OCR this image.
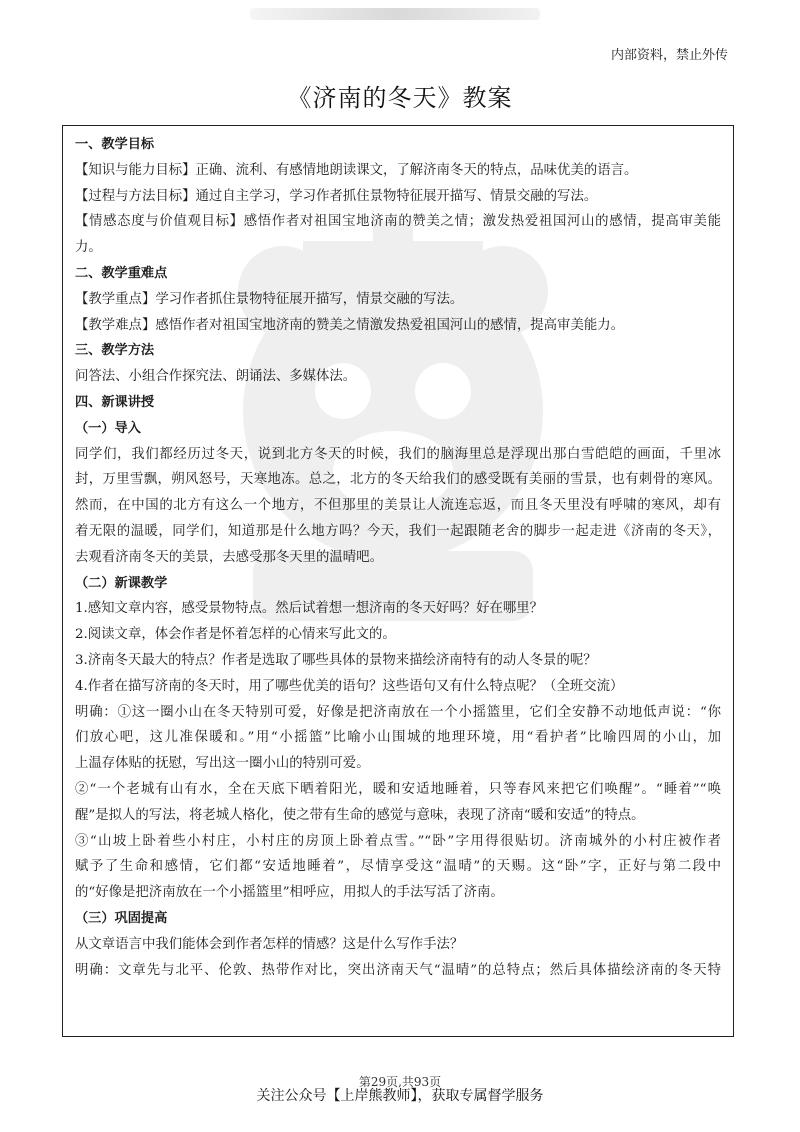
内部资料，禁止外传
《济南的冬天》教案
一、教学目标
【知识与能力目标】正确、流利、有感情地朗读课文，了解济南冬天的特点，品味优美的语言。
【过程与方法目标】通过自主学习，学习作者抓住景物特征展开描写、情景交融的写法。
【情感态度与价值观目标】感悟作者对祖国宝地济南的赞美之情；激发热爱祖国河山的感情，提高审美能
力。
二、教学重难点
【教学重点】学习作者抓住景物特征展开描写，情景交融的写法。
【教学难点】感悟作者对祖国宝地济南的赞美之情激发热爱祖国河山的感情，提高审美能力。
三、教学方法
问答法、小组合作探究法、朗诵法、多媒体法。
四、新课讲授
（一）导入
同学们，我们都经历过冬天，说到北方冬天的时候，我们的脑海里总是浮现出那白雪皑皑的画面，千里冰
封，万里雪飘，朔风怒号，天寒地冻。总之，北方的冬天给我们的感受既有美丽的雪景，也有刺骨的寒风。
然而，在中国的北方有这么一个地方，不但那里的美景让人流连忘返，而且冬天里没有呼啸的寒风，却有
着无限的温暖，同学们，知道那是什么地方吗？今天，我们一起跟随老舍的脚步一起走进《济南的冬天》，
去观看济南冬天的美景，去感受那冬天里的温晴吧。
（二）新课教学
1.感知文章内容，感受景物特点。然后试着想一想济南的冬天好吗？好在哪里？
2.阅读文章，体会作者是怀着怎样的心情来写此文的。
3.济南冬天最大的特点？作者是选取了哪些具体的景物来描绘济南特有的动人冬景的呢？
4.作者在描写济南的冬天时，用了哪些优美的语句？这些语句又有什么特点呢？（全班交流）
明确：①这一圈小山在冬天特别可爱，好像是把济南放在一个小摇篮里，它们全安静不动地低声说：“你
们放心吧，这儿准保暖和。”用“小摇篮”比喻小山围城的地理环境，用“看护者”比喻四周的小山，加
上温存体贴的抚慰，写出这一圈小山的特别可爱。
②“一个老城有山有水，全在天底下晒着阳光，暖和安适地睡着，只等春风来把它们唤醒”。“睡着”“唤
醒”是拟人的写法，将老城人格化，使之带有生命的感觉与意味，表现了济南“暖和安适”的特点。
③“山坡上卧着些小村庄，小村庄的房顶上卧着点雪。”“卧”字用得很贴切。济南城外的小村庄被作者
赋予了生命和感情，它们都“安适地睡着”，尽情享受这“温晴”的天赐。这“卧”字，正好与第二段中
的“好像是把济南放在一个小摇篮里”相呼应，用拟人的手法写活了济南。
（三）巩固提高
从文章语言中我们能体会到作者怎样的情感？这是什么写作手法？
明确：文章先与北平、伦敦、热带作对比，突出济南天气“温晴”的总特点；然后具体描绘济南的冬天特
第29页,共93页
关注公众号【上岸熊教师】，获取专属督学服务
